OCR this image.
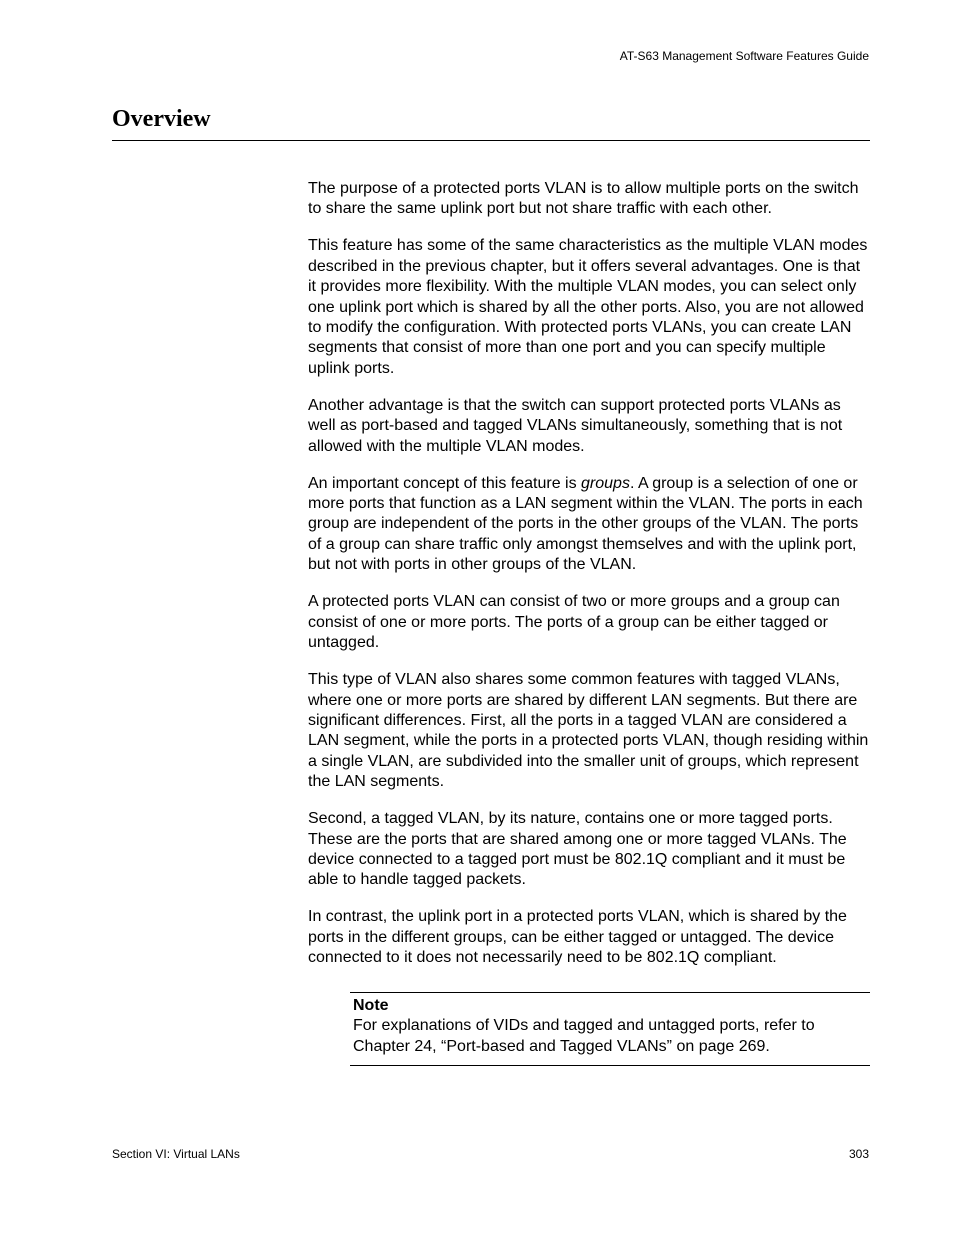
AT-S63 Management Software Features Guide
Overview

The purpose of a protected ports VLAN is to allow multiple ports on the switch to share the same uplink port but not share traffic with each other.

This feature has some of the same characteristics as the multiple VLAN modes described in the previous chapter, but it offers several advantages. One is that it provides more flexibility. With the multiple VLAN modes, you can select only one uplink port which is shared by all the other ports. Also, you are not allowed to modify the configuration. With protected ports VLANs, you can create LAN segments that consist of more than one port and you can specify multiple uplink ports.

Another advantage is that the switch can support protected ports VLANs as well as port-based and tagged VLANs simultaneously, something that is not allowed with the multiple VLAN modes.

An important concept of this feature is groups. A group is a selection of one or more ports that function as a LAN segment within the VLAN. The ports in each group are independent of the ports in the other groups of the VLAN. The ports of a group can share traffic only amongst themselves and with the uplink port, but not with ports in other groups of the VLAN.

A protected ports VLAN can consist of two or more groups and a group can consist of one or more ports. The ports of a group can be either tagged or untagged.

This type of VLAN also shares some common features with tagged VLANs, where one or more ports are shared by different LAN segments. But there are significant differences. First, all the ports in a tagged VLAN are considered a LAN segment, while the ports in a protected ports VLAN, though residing within a single VLAN, are subdivided into the smaller unit of groups, which represent the LAN segments.

Second, a tagged VLAN, by its nature, contains one or more tagged ports. These are the ports that are shared among one or more tagged VLANs. The device connected to a tagged port must be 802.1Q compliant and it must be able to handle tagged packets.

In contrast, the uplink port in a protected ports VLAN, which is shared by the ports in the different groups, can be either tagged or untagged. The device connected to it does not necessarily need to be 802.1Q compliant.

Note
For explanations of VIDs and tagged and untagged ports, refer to Chapter 24, “Port-based and Tagged VLANs” on page 269.
Section VI: Virtual LANs	303
